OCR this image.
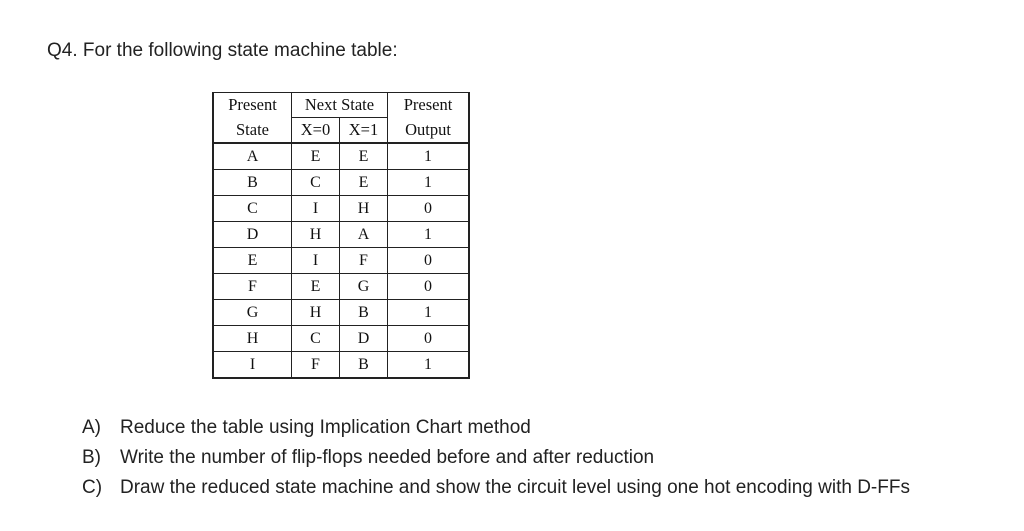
Q4. For the following state machine table:
Present	Next State		Present
State	X=0	X=1	Output
A	E	E	1
B	C	E	1
C	I	H	0
D	H	A	1
E	I	F	0
F	E	G	0
G	H	B	1
H	C	D	0
I	F	B	1
A) Reduce the table using Implication Chart method
B) Write the number of flip-flops needed before and after reduction
C) Draw the reduced state machine and show the circuit level using one hot encoding with D-FFs
